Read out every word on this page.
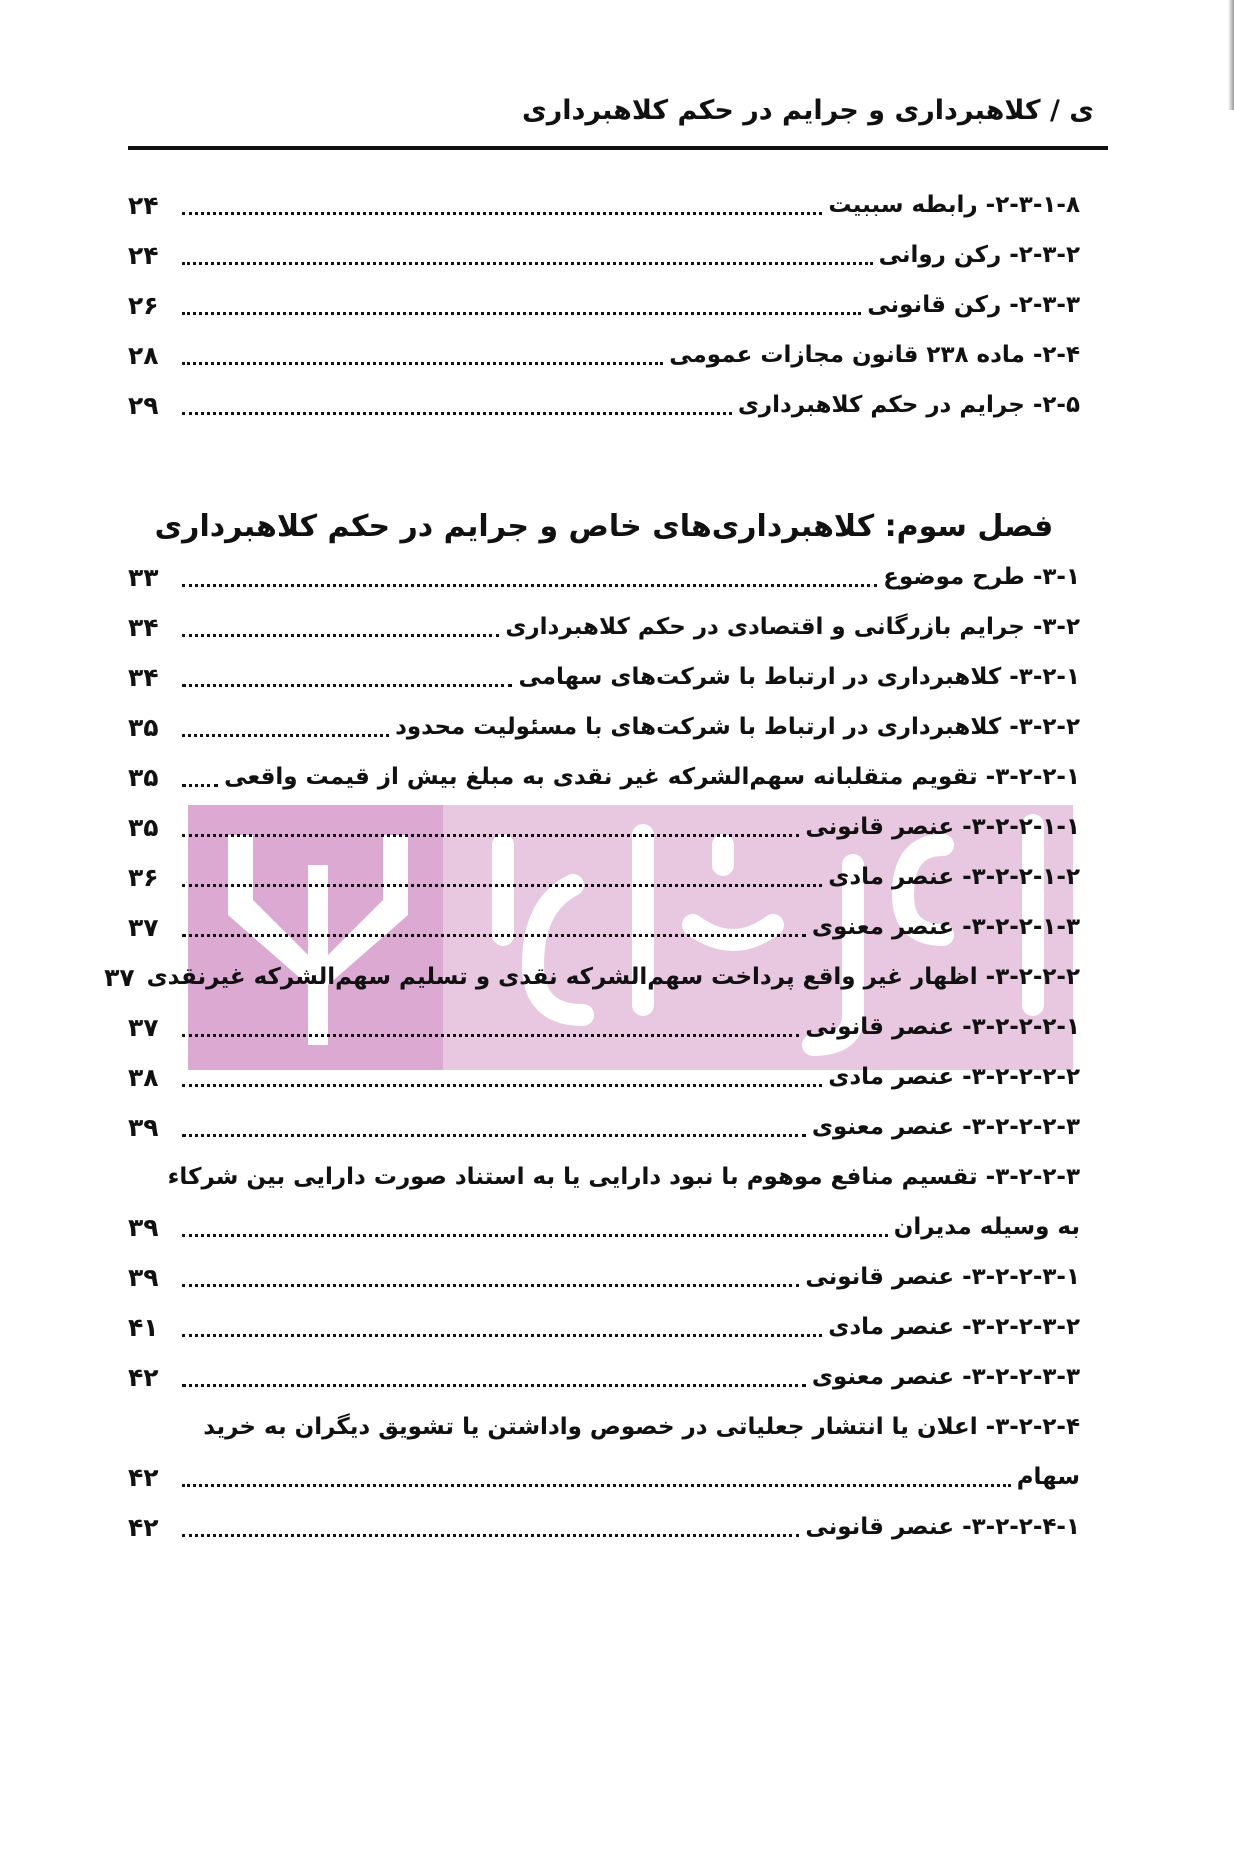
ی / کلاهبرداری و جرایم در حکم کلاهبرداری
۲-۳-۱-۸- رابطه سببیت
۲۴
۲-۳-۲- رکن روانی
۲۴
۲-۳-۳- رکن قانونی
۲۶
۲-۴- ماده ۲۳۸ قانون مجازات عمومی
۲۸
۲-۵- جرایم در حکم کلاهبرداری
۲۹
فصل سوم: کلاهبرداری‌های خاص و جرایم در حکم کلاهبرداری
۳-۱- طرح موضوع
۳۳
۳-۲- جرایم بازرگانی و اقتصادی در حکم کلاهبرداری
۳۴
۳-۲-۱- کلاهبرداری در ارتباط با شرکت‌های سهامی
۳۴
۳-۲-۲- کلاهبرداری در ارتباط با شرکت‌های با مسئولیت محدود
۳۵
۳-۲-۲-۱- تقویم متقلبانه سهم‌الشرکه غیر نقدی به مبلغ بیش از قیمت واقعی
۳۵
۳-۲-۲-۱-۱- عنصر قانونی
۳۵
۳-۲-۲-۱-۲- عنصر مادی
۳۶
۳-۲-۲-۱-۳- عنصر معنوی
۳۷
۳-۲-۲-۲- اظهار غیر واقع پرداخت سهم‌الشرکه نقدی و تسلیم سهم‌الشرکه غیرنقدی
۳۷
۳-۲-۲-۲-۱- عنصر قانونی
۳۷
۳-۲-۲-۲-۲- عنصر مادی
۳۸
۳-۲-۲-۲-۳- عنصر معنوی
۳۹
۳-۲-۲-۳- تقسیم منافع موهوم با نبود دارایی یا به استناد صورت دارایی بین شرکاء
به وسیله مدیران
۳۹
۳-۲-۲-۳-۱- عنصر قانونی
۳۹
۳-۲-۲-۳-۲- عنصر مادی
۴۱
۳-۲-۲-۳-۳- عنصر معنوی
۴۲
۳-۲-۲-۴- اعلان یا انتشار جعلیاتی در خصوص واداشتن یا تشویق دیگران به خرید
سهام
۴۲
۳-۲-۲-۴-۱- عنصر قانونی
۴۲
